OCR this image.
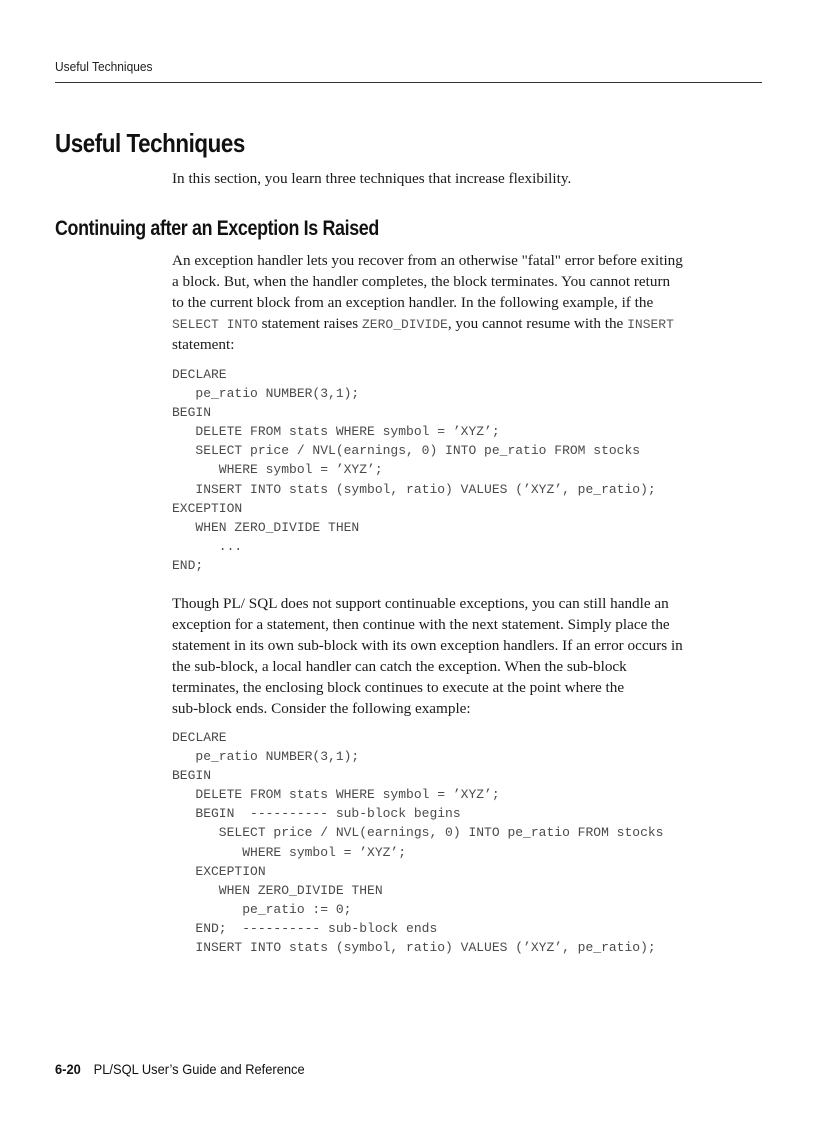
Useful Techniques
Useful Techniques
In this section, you learn three techniques that increase flexibility.
Continuing after an Exception Is Raised
An exception handler lets you recover from an otherwise "fatal" error before exiting
a block. But, when the handler completes, the block terminates. You cannot return
to the current block from an exception handler. In the following example, if the
SELECT INTO statement raises ZERO_DIVIDE, you cannot resume with the INSERT
statement:
DECLARE
pe_ratio NUMBER(3,1);
BEGIN
DELETE FROM stats WHERE symbol = ’XYZ’;
SELECT price / NVL(earnings, 0) INTO pe_ratio FROM stocks
WHERE symbol = ’XYZ’;
INSERT INTO stats (symbol, ratio) VALUES (’XYZ’, pe_ratio);
EXCEPTION
WHEN ZERO_DIVIDE THEN
...
END;
Though PL/ SQL does not support continuable exceptions, you can still handle an
exception for a statement, then continue with the next statement. Simply place the
statement in its own sub-block with its own exception handlers. If an error occurs in
the sub-block, a local handler can catch the exception. When the sub-block
terminates, the enclosing block continues to execute at the point where the
sub-block ends. Consider the following example:
DECLARE
pe_ratio NUMBER(3,1);
BEGIN
DELETE FROM stats WHERE symbol = ’XYZ’;
BEGIN  ---------- sub-block begins
SELECT price / NVL(earnings, 0) INTO pe_ratio FROM stocks
WHERE symbol = ’XYZ’;
EXCEPTION
WHEN ZERO_DIVIDE THEN
pe_ratio := 0;
END;  ---------- sub-block ends
INSERT INTO stats (symbol, ratio) VALUES (’XYZ’, pe_ratio);
6-20 PL/SQL User’s Guide and Reference
